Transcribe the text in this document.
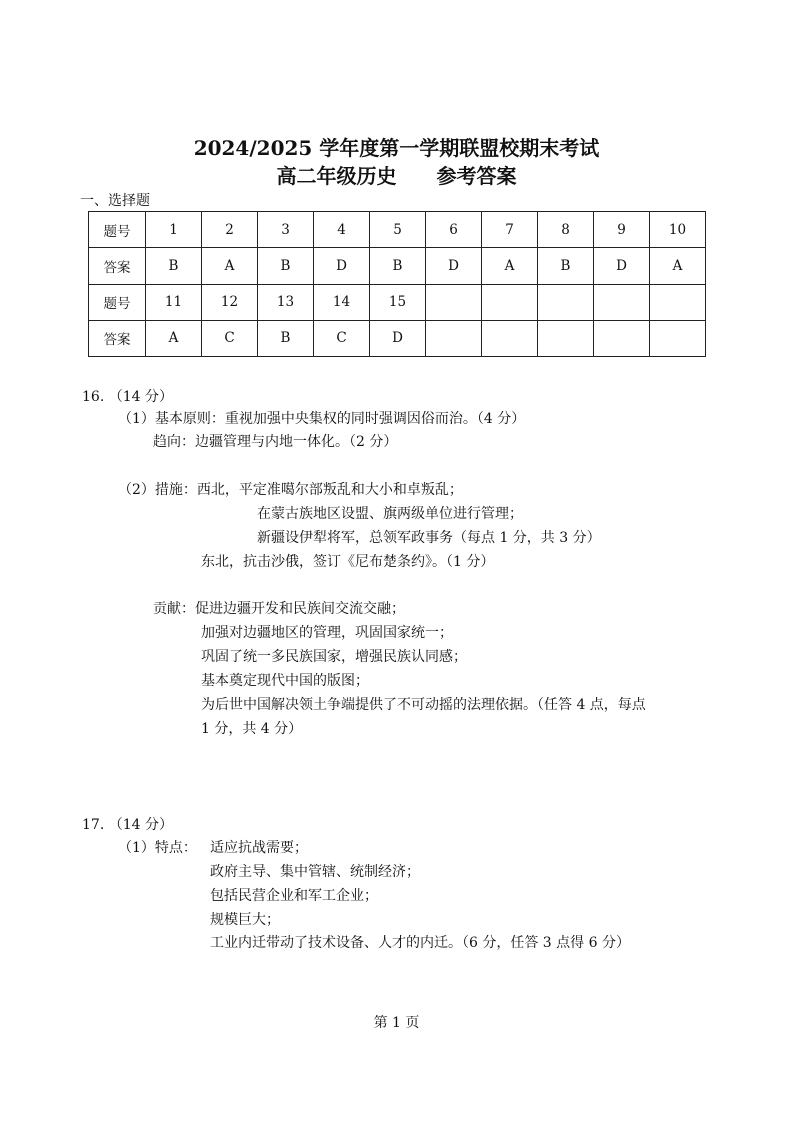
2024/2025 学年度第一学期联盟校期末考试
高二年级历史 参考答案
一、选择题
题号	1	2	3	4	5	6	7	8	9	10
答案	B	A	B	D	B	D	A	B	D	A
题号	11	12	13	14	15					
答案	A	C	B	C	D					
16. （14 分）
（1）基本原则：重视加强中央集权的同时强调因俗而治。（4 分）
趋向：边疆管理与内地一体化。（2 分）
（2）措施：西北，平定准噶尔部叛乱和大小和卓叛乱；
在蒙古族地区设盟、旗两级单位进行管理；
新疆设伊犁将军，总领军政事务（每点 1 分，共 3 分）
东北，抗击沙俄，签订《尼布楚条约》。（1 分）
贡献：促进边疆开发和民族间交流交融；
加强对边疆地区的管理，巩固国家统一；
巩固了统一多民族国家，增强民族认同感；
基本奠定现代中国的版图；
为后世中国解决领土争端提供了不可动摇的法理依据。（任答 4 点，每点
1 分，共 4 分）
17. （14 分）
（1）特点： 适应抗战需要；
政府主导、集中管辖、统制经济；
包括民营企业和军工企业；
规模巨大；
工业内迁带动了技术设备、人才的内迁。（6 分，任答 3 点得 6 分）
第 1 页
